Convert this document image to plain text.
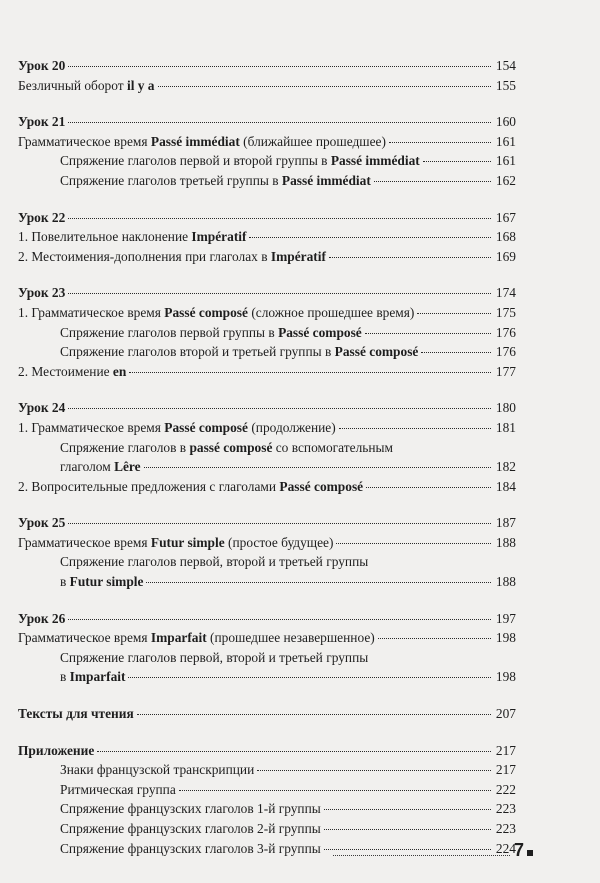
Урок 20	154
Безличный оборот il y a	155
Урок 21	160
Грамматическое время Passé immédiat (ближайшее прошедшее)	161
Спряжение глаголов первой и второй группы в Passé immédiat	161
Спряжение глаголов третьей группы в Passé immédiat	162
Урок 22	167
1. Повелительное наклонение Impératif	168
2. Местоимения-дополнения при глаголах в Impératif	169
Урок 23	174
1. Грамматическое время Passé composé (сложное прошедшее время)	175
Спряжение глаголов первой группы в Passé composé	176
Спряжение глаголов второй и третьей группы в Passé composé	176
2. Местоимение en	177
Урок 24	180
1. Грамматическое время Passé composé (продолжение)	181
Спряжение глаголов в passé composé со вспомогательным
глаголом Lêre	182
2. Вопросительные предложения с глаголами Passé composé	184
Урок 25	187
Грамматическое время Futur simple (простое будущее)	188
Спряжение глаголов первой, второй и третьей группы
в Futur simple	188
Урок 26	197
Грамматическое время Imparfait (прошедшее незавершенное)	198
Спряжение глаголов первой, второй и третьей группы
в Imparfait	198
Тексты для чтения	207
Приложение	217
Знаки французской транскрипции	217
Ритмическая группа	222
Спряжение французских глаголов 1-й группы	223
Спряжение французских глаголов 2-й группы	223
Спряжение французских глаголов 3-й группы	224
7
